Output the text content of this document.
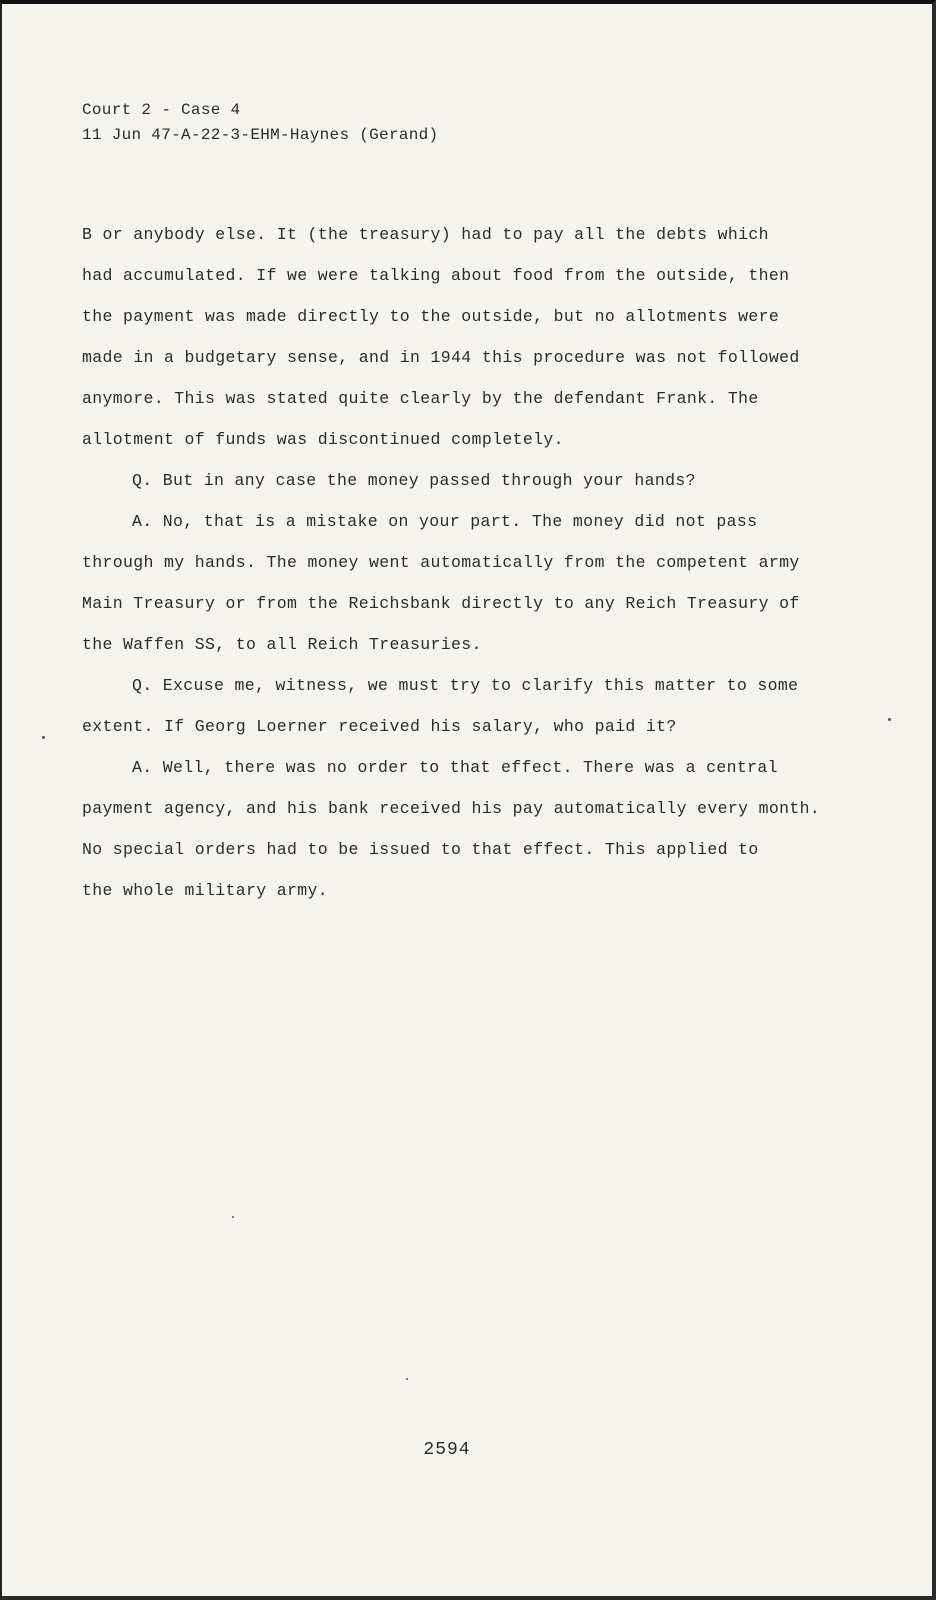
Court 2 - Case 4
11 Jun 47-A-22-3-EHM-Haynes (Gerand)
B or anybody else. It (the treasury) had to pay all the debts which
had accumulated. If we were talking about food from the outside, then
the payment was made directly to the outside, but no allotments were
made in a budgetary sense, and in 1944 this procedure was not followed
anymore. This was stated quite clearly by the defendant Frank. The
allotment of funds was discontinued completely.
Q. But in any case the money passed through your hands?
A. No, that is a mistake on your part. The money did not pass
through my hands. The money went automatically from the competent army
Main Treasury or from the Reichsbank directly to any Reich Treasury of
the Waffen SS, to all Reich Treasuries.
Q. Excuse me, witness, we must try to clarify this matter to some
extent. If Georg Loerner received his salary, who paid it?
A. Well, there was no order to that effect. There was a central
payment agency, and his bank received his pay automatically every month.
No special orders had to be issued to that effect. This applied to
the whole military army.
2594
